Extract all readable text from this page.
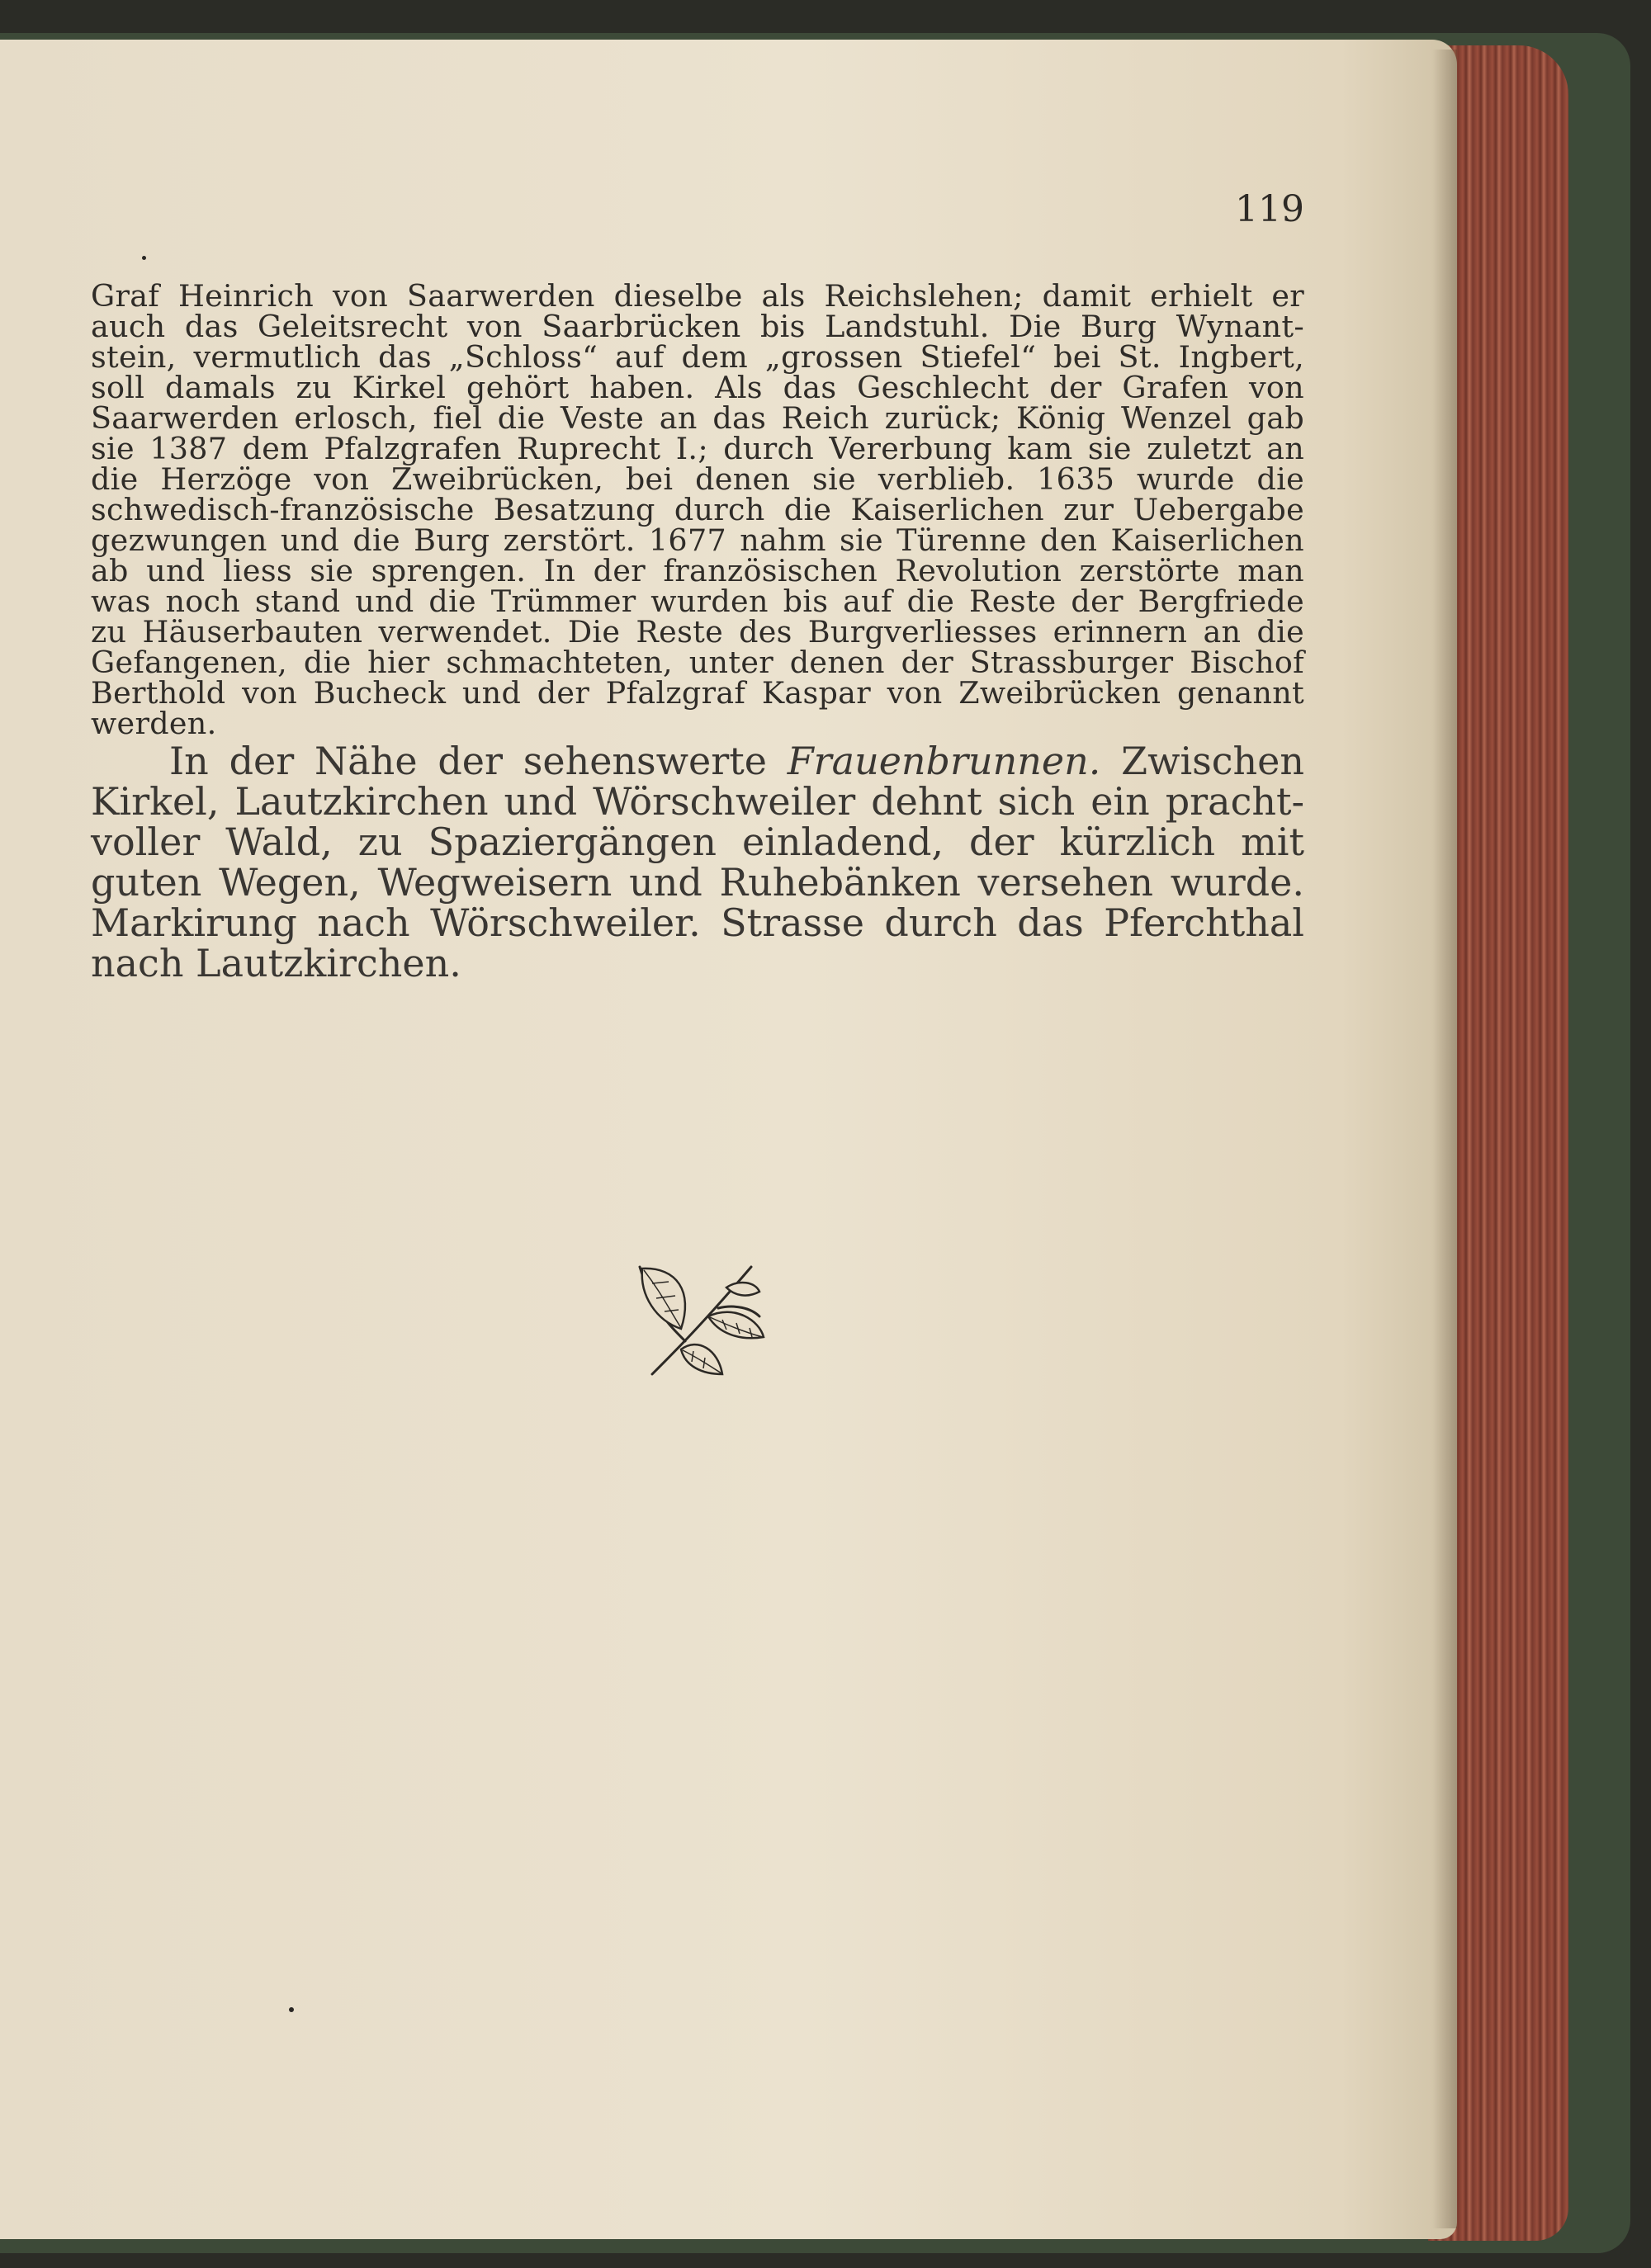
119
Graf Heinrich von Saarwerden dieselbe als Reichslehen; damit erhielt er
auch das Geleitsrecht von Saarbrücken bis Landstuhl. Die Burg Wynant-
stein, vermutlich das „Schloss“ auf dem „grossen Stiefel“ bei St. Ingbert,
soll damals zu Kirkel gehört haben. Als das Geschlecht der Grafen von
Saarwerden erlosch, fiel die Veste an das Reich zurück; König Wenzel gab
sie 1387 dem Pfalzgrafen Ruprecht I.; durch Vererbung kam sie zuletzt an
die Herzöge von Zweibrücken, bei denen sie verblieb. 1635 wurde die
schwedisch-französische Besatzung durch die Kaiserlichen zur Uebergabe
gezwungen und die Burg zerstört. 1677 nahm sie Türenne den Kaiserlichen
ab und liess sie sprengen. In der französischen Revolution zerstörte man
was noch stand und die Trümmer wurden bis auf die Reste der Bergfriede
zu Häuserbauten verwendet. Die Reste des Burgverliesses erinnern an die
Gefangenen, die hier schmachteten, unter denen der Strassburger Bischof
Berthold von Bucheck und der Pfalzgraf Kaspar von Zweibrücken genannt
werden.
In der Nähe der sehenswerte Frauenbrunnen. Zwischen
Kirkel, Lautzkirchen und Wörschweiler dehnt sich ein pracht-
voller Wald, zu Spaziergängen einladend, der kürzlich mit
guten Wegen, Wegweisern und Ruhebänken versehen wurde.
Markirung nach Wörschweiler. Strasse durch das Pferchthal
nach Lautzkirchen.
